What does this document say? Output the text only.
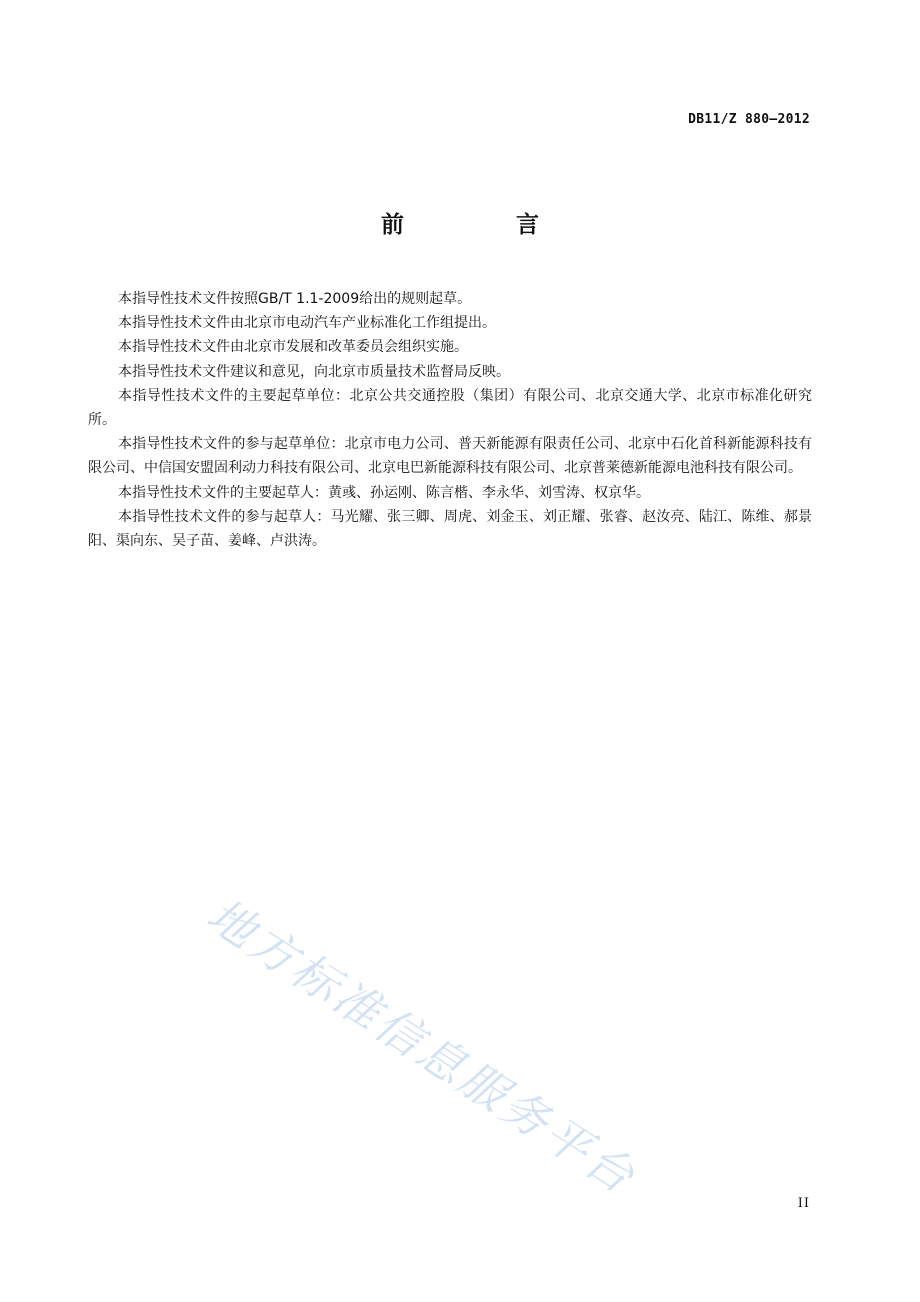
DB11/Z 880—2012
前 言

本指导性技术文件按照GB/T 1.1-2009给出的规则起草。

本指导性技术文件由北京市电动汽车产业标准化工作组提出。

本指导性技术文件由北京市发展和改革委员会组织实施。

本指导性技术文件建议和意见，向北京市质量技术监督局反映。

本指导性技术文件的主要起草单位：北京公共交通控股（集团）有限公司、北京交通大学、北京市标准化研究所。

本指导性技术文件的参与起草单位：北京市电力公司、普天新能源有限责任公司、北京中石化首科新能源科技有限公司、中信国安盟固利动力科技有限公司、北京电巴新能源科技有限公司、北京普莱德新能源电池科技有限公司。

本指导性技术文件的主要起草人：黄彧、孙运刚、陈言楷、李永华、刘雪涛、权京华。

本指导性技术文件的参与起草人：马光耀、张三卿、周虎、刘金玉、刘正耀、张睿、赵汝亮、陆江、陈维、郝景阳、渠向东、吴子苗、姜峰、卢洪涛。

地方标准信息服务平台	II
